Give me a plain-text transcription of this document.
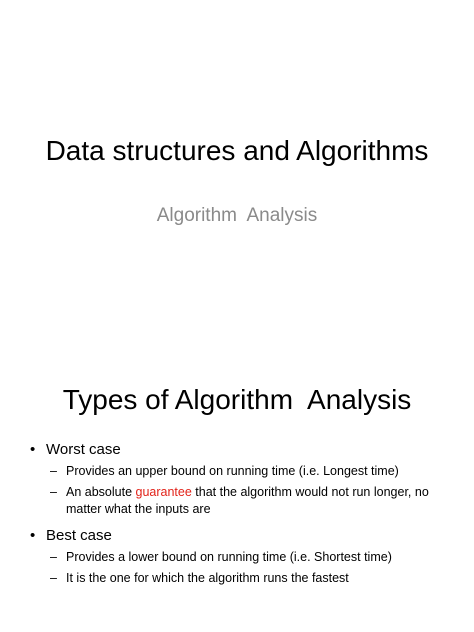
Data structures and Algorithms
Algorithm  Analysis
Types of Algorithm  Analysis
• Worst case
– Provides an upper bound on running time (i.e. Longest time)
– An absolute guarantee that the algorithm would not run longer, no matter what the inputs are
• Best case
– Provides a lower bound on running time (i.e. Shortest time)
– It is the one for which the algorithm runs the fastest
